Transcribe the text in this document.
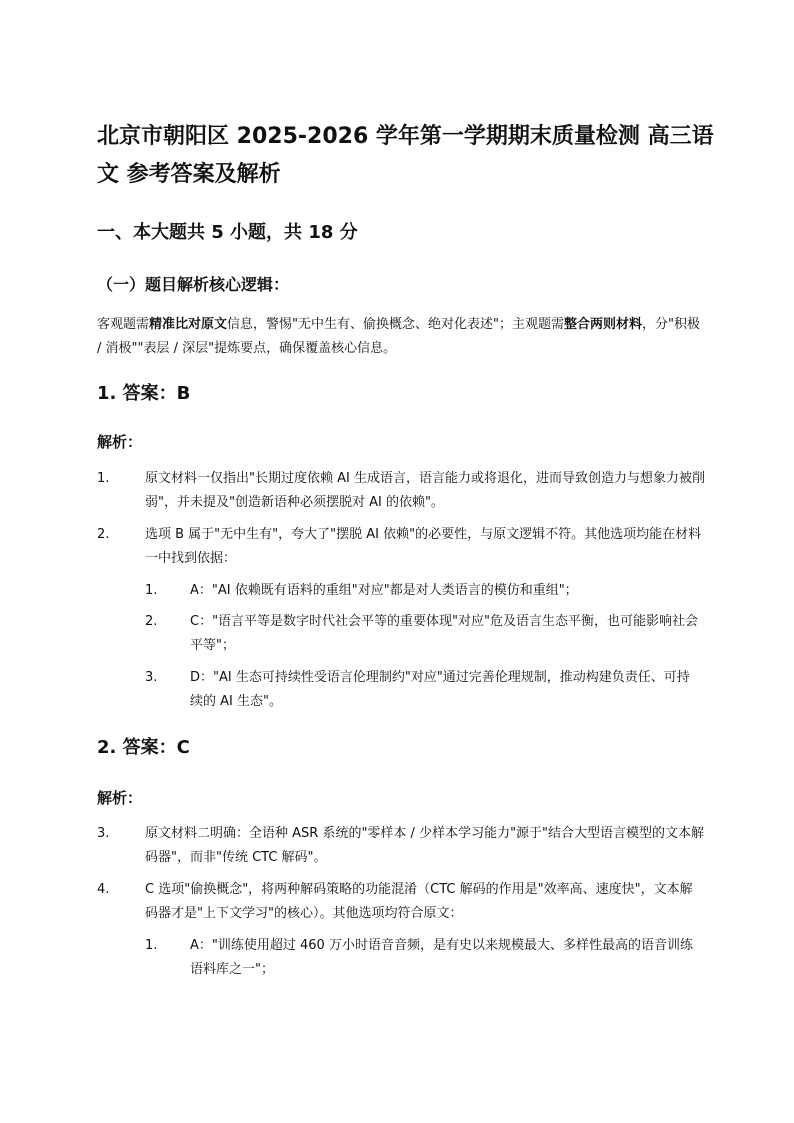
北京市朝阳区 2025-2026 学年第一学期期末质量检测 高三语文 参考答案及解析
一、本大题共 5 小题，共 18 分
（一）题目解析核心逻辑：

客观题需精准比对原文信息，警惕"无中生有、偷换概念、绝对化表述"；主观题需整合两则材料，分"积极 / 消极""表层 / 深层"提炼要点，确保覆盖核心信息。

1. 答案：B
解析：
1.	原文材料一仅指出"长期过度依赖 AI 生成语言，语言能力或将退化，进而导致创造力与想象力被削弱"，并未提及"创造新语种必须摆脱对 AI 的依赖"。
2.	选项 B 属于"无中生有"，夸大了"摆脱 AI 依赖"的必要性，与原文逻辑不符。其他选项均能在材料一中找到依据：
1.	A："AI 依赖既有语料的重组"对应"都是对人类语言的模仿和重组"；
2.	C："语言平等是数字时代社会平等的重要体现"对应"危及语言生态平衡，也可能影响社会平等"；
3.	D："AI 生态可持续性受语言伦理制约"对应"通过完善伦理规制，推动构建负责任、可持续的 AI 生态"。
2. 答案：C
解析：
3.	原文材料二明确：全语种 ASR 系统的"零样本 / 少样本学习能力"源于"结合大型语言模型的文本解码器"，而非"传统 CTC 解码"。
4.	C 选项"偷换概念"，将两种解码策略的功能混淆（CTC 解码的作用是"效率高、速度快"，文本解码器才是"上下文学习"的核心）。其他选项均符合原文：
1.	A："训练使用超过 460 万小时语音音频，是有史以来规模最大、多样性最高的语音训练语料库之一"；
